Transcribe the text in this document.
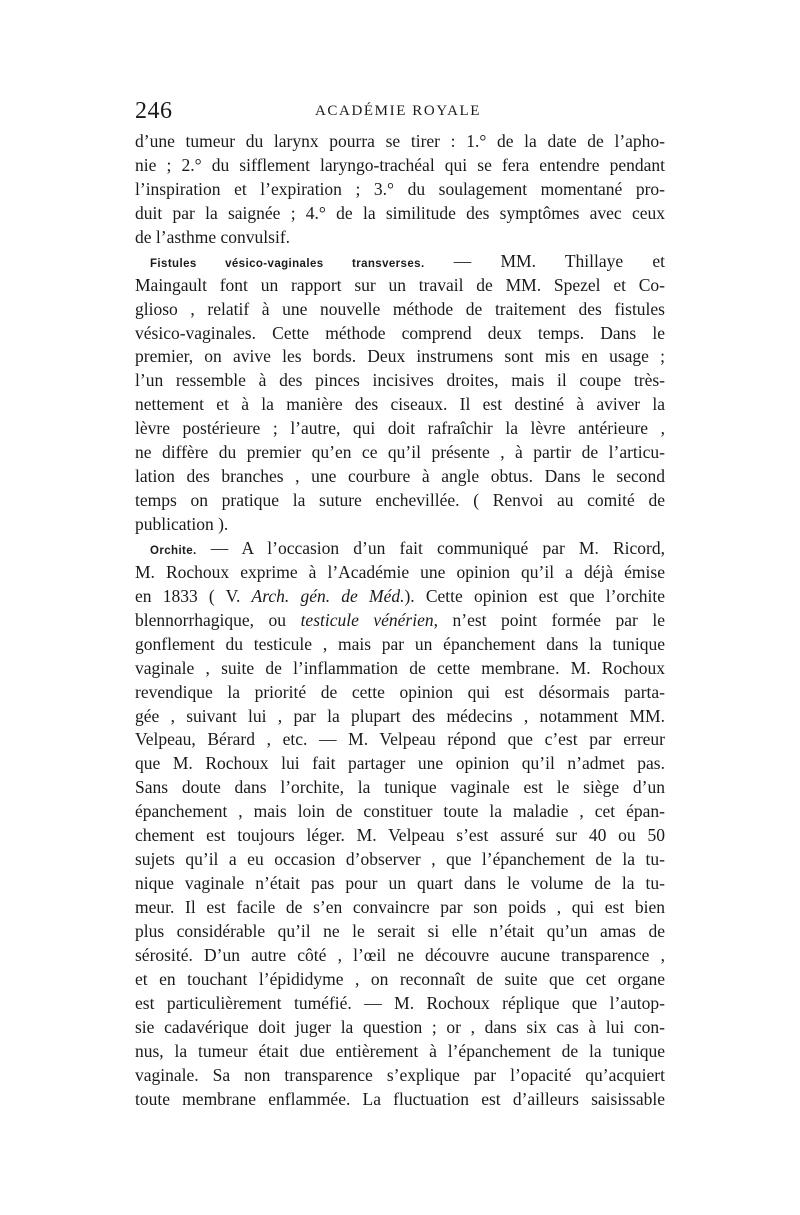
246	ACADÉMIE ROYALE
d’une tumeur du larynx pourra se tirer : 1.° de la date de l’apho-
nie ; 2.° du sifflement laryngo-trachéal qui se fera entendre pendant
l’inspiration et l’expiration ; 3.° du soulagement momentané pro-
duit par la saignée ; 4.° de la similitude des symptômes avec ceux
de l’asthme convulsif.
Fistules vésico-vaginales transverses. — MM. Thillaye et
Maingault font un rapport sur un travail de MM. Spezel et Co-
glioso , relatif à une nouvelle méthode de traitement des fistules
vésico-vaginales. Cette méthode comprend deux temps. Dans le
premier, on avive les bords. Deux instrumens sont mis en usage ;
l’un ressemble à des pinces incisives droites, mais il coupe très-
nettement et à la manière des ciseaux. Il est destiné à aviver la
lèvre postérieure ; l’autre, qui doit rafraîchir la lèvre antérieure ,
ne diffère du premier qu’en ce qu’il présente , à partir de l’articu-
lation des branches , une courbure à angle obtus. Dans le second
temps on pratique la suture enchevillée. ( Renvoi au comité de
publication ).
Orchite. — A l’occasion d’un fait communiqué par M. Ricord,
M. Rochoux exprime à l’Académie une opinion qu’il a déjà émise
en 1833 ( V. Arch. gén. de Méd.). Cette opinion est que l’orchite
blennorrhagique, ou testicule vénérien, n’est point formée par le
gonflement du testicule , mais par un épanchement dans la tunique
vaginale , suite de l’inflammation de cette membrane. M. Rochoux
revendique la priorité de cette opinion qui est désormais parta-
gée , suivant lui , par la plupart des médecins , notamment MM.
Velpeau, Bérard , etc. — M. Velpeau répond que c’est par erreur
que M. Rochoux lui fait partager une opinion qu’il n’admet pas.
Sans doute dans l’orchite, la tunique vaginale est le siège d’un
épanchement , mais loin de constituer toute la maladie , cet épan-
chement est toujours léger. M. Velpeau s’est assuré sur 40 ou 50
sujets qu’il a eu occasion d’observer , que l’épanchement de la tu-
nique vaginale n’était pas pour un quart dans le volume de la tu-
meur. Il est facile de s’en convaincre par son poids , qui est bien
plus considérable qu’il ne le serait si elle n’était qu’un amas de
sérosité. D’un autre côté , l’œil ne découvre aucune transparence ,
et en touchant l’épididyme , on reconnaît de suite que cet organe
est particulièrement tuméfié. — M. Rochoux réplique que l’autop-
sie cadavérique doit juger la question ; or , dans six cas à lui con-
nus, la tumeur était due entièrement à l’épanchement de la tunique
vaginale. Sa non transparence s’explique par l’opacité qu’acquiert
toute membrane enflammée. La fluctuation est d’ailleurs saisissable
